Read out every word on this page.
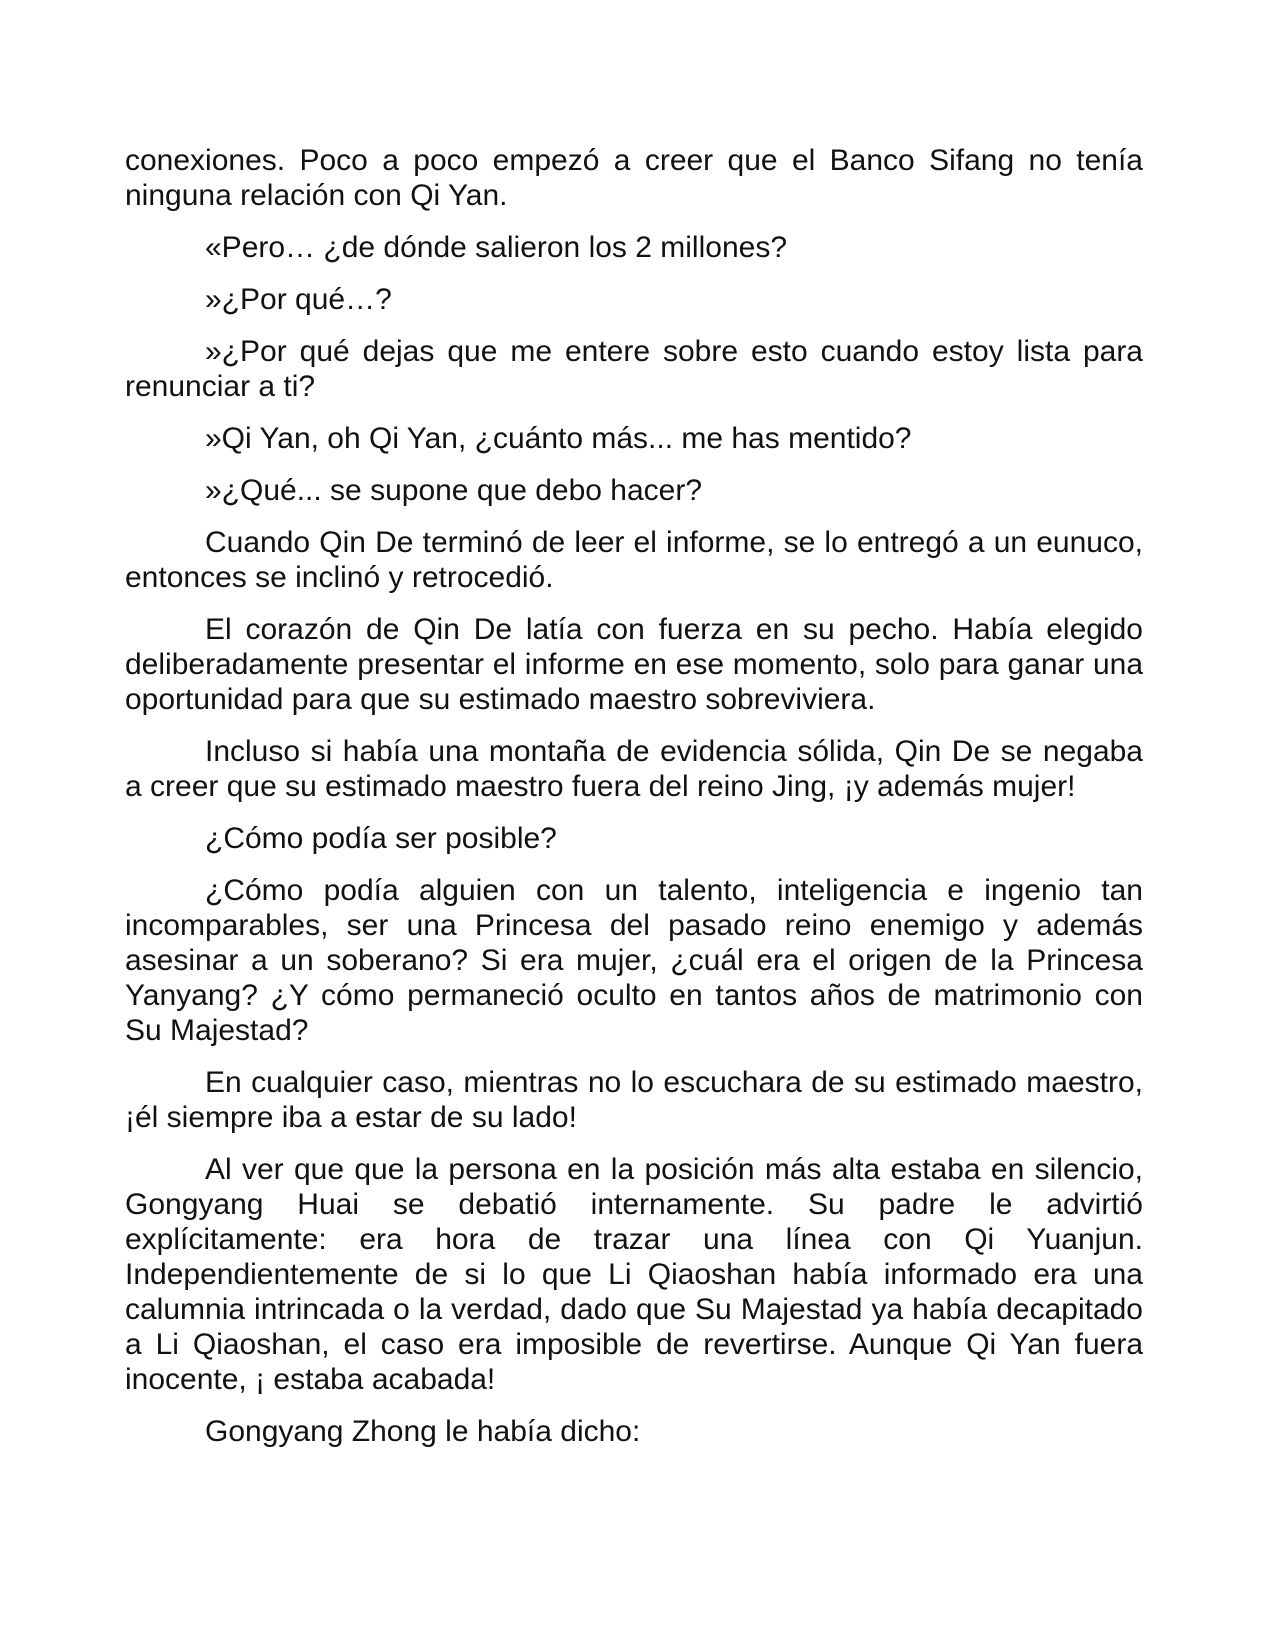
conexiones. Poco a poco empezó a creer que el Banco Sifang no tenía ninguna relación con Qi Yan.

«Pero… ¿de dónde salieron los 2 millones?

»¿Por qué…?

»¿Por qué dejas que me entere sobre esto cuando estoy lista para renunciar a ti?

»Qi Yan, oh Qi Yan, ¿cuánto más... me has mentido?

»¿Qué... se supone que debo hacer?

Cuando Qin De terminó de leer el informe, se lo entregó a un eunuco, entonces se inclinó y retrocedió.

El corazón de Qin De latía con fuerza en su pecho. Había elegido deliberadamente presentar el informe en ese momento, solo para ganar una oportunidad para que su estimado maestro sobreviviera.

Incluso si había una montaña de evidencia sólida, Qin De se negaba a creer que su estimado maestro fuera del reino Jing, ¡y además mujer!

¿Cómo podía ser posible?

¿Cómo podía alguien con un talento, inteligencia e ingenio tan incomparables, ser una Princesa del pasado reino enemigo y además asesinar a un soberano? Si era mujer, ¿cuál era el origen de la Princesa Yanyang? ¿Y cómo permaneció oculto en tantos años de matrimonio con Su Majestad?

En cualquier caso, mientras no lo escuchara de su estimado maestro, ¡él siempre iba a estar de su lado!

Al ver que que la persona en la posición más alta estaba en silencio, Gongyang Huai se debatió internamente. Su padre le advirtió explícitamente: era hora de trazar una línea con Qi Yuanjun. Independientemente de si lo que Li Qiaoshan había informado era una calumnia intrincada o la verdad, dado que Su Majestad ya había decapitado a Li Qiaoshan, el caso era imposible de revertirse. Aunque Qi Yan fuera inocente, ¡ estaba acabada!

Gongyang Zhong le había dicho:
